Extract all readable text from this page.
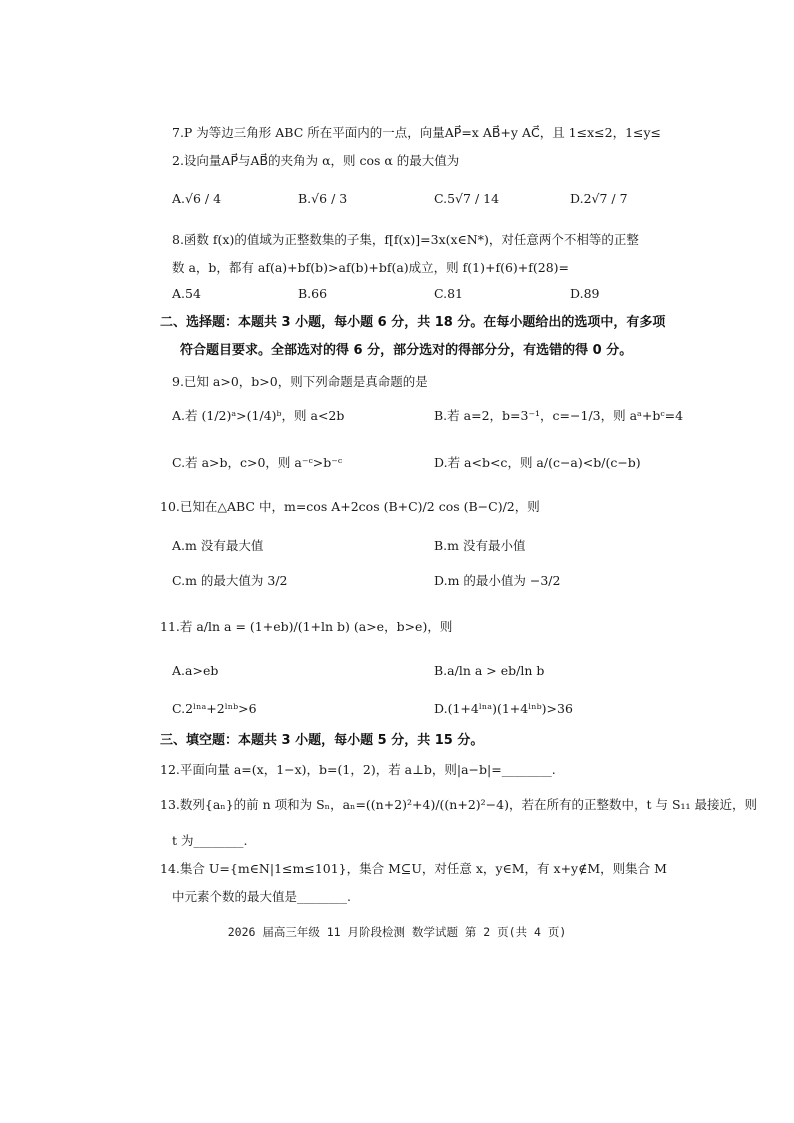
7.P 为等边三角形 ABC 所在平面内的一点，向量AP⃗=x AB⃗+y AC⃗，且 1≤x≤2，1≤y≤
2.设向量AP⃗与AB⃗的夹角为 α，则 cos α 的最大值为
A.√6 / 4	B.√6 / 3	C.5√7 / 14	D.2√7 / 7
8.函数 f(x)的值域为正整数集的子集，f[f(x)]=3x(x∈N*)，对任意两个不相等的正整
数 a，b，都有 af(a)+bf(b)>af(b)+bf(a)成立，则 f(1)+f(6)+f(28)=
A.54	B.66	C.81	D.89
二、选择题：本题共 3 小题，每小题 6 分，共 18 分。在每小题给出的选项中，有多项
符合题目要求。全部选对的得 6 分，部分选对的得部分分，有选错的得 0 分。
9.已知 a>0，b>0，则下列命题是真命题的是
A.若 (1/2)ᵃ>(1/4)ᵇ，则 a<2b	B.若 a=2，b=3⁻¹，c=−1/3，则 aᵃ+bᶜ=4
C.若 a>b，c>0，则 a⁻ᶜ>b⁻ᶜ	D.若 a<b<c，则 a/(c−a)<b/(c−b)
10.已知在△ABC 中，m=cos A+2cos (B+C)/2 cos (B−C)/2，则
A.m 没有最大值	B.m 没有最小值
C.m 的最大值为 3/2	D.m 的最小值为 −3/2
11.若 a/ln a = (1+eb)/(1+ln b) (a>e，b>e)，则
A.a>eb	B.a/ln a > eb/ln b
C.2ˡⁿᵃ+2ˡⁿᵇ>6	D.(1+4ˡⁿᵃ)(1+4ˡⁿᵇ)>36
三、填空题：本题共 3 小题，每小题 5 分，共 15 分。
12.平面向量 a=(x，1−x)，b=(1，2)，若 a⊥b，则|a−b|=________.
13.数列{aₙ}的前 n 项和为 Sₙ，aₙ=((n+2)²+4)/((n+2)²−4)，若在所有的正整数中，t 与 S₁₁ 最接近，则
t 为________.
14.集合 U={m∈N|1≤m≤101}，集合 M⊆U，对任意 x，y∈M，有 x+y∉M，则集合 M
中元素个数的最大值是________.
2026 届高三年级 11 月阶段检测 数学试题 第 2 页(共 4 页)
